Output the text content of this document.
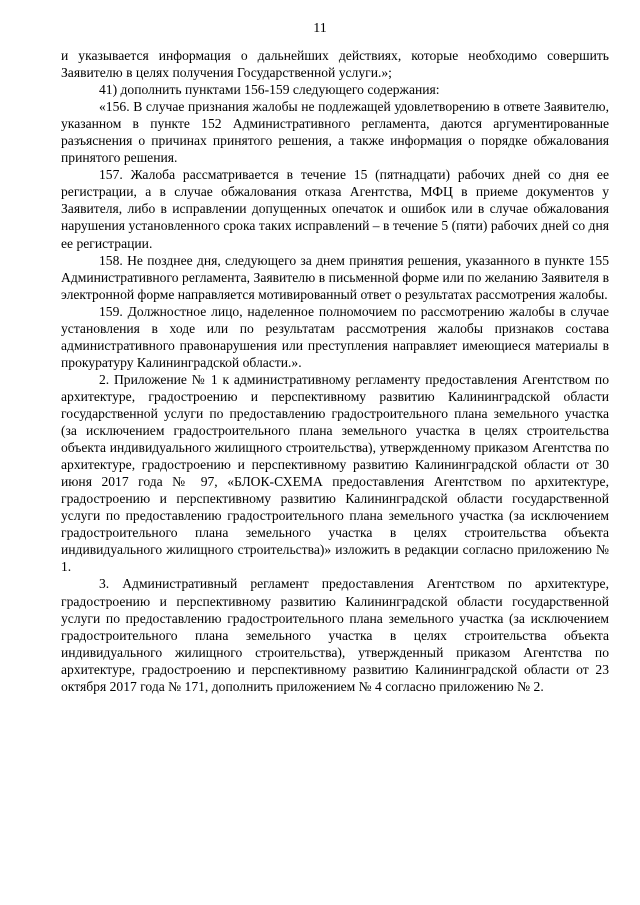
11

и указывается информация о дальнейших действиях, которые необходимо совершить Заявителю в целях получения Государственной услуги.»;

41) дополнить пунктами 156-159 следующего содержания:

«156. В случае признания жалобы не подлежащей удовлетворению в ответе Заявителю, указанном в пункте 152 Административного регламента, даются аргументированные разъяснения о причинах принятого решения, а также информация о порядке обжалования принятого решения.

157. Жалоба рассматривается в течение 15 (пятнадцати) рабочих дней со дня ее регистрации, а в случае обжалования отказа Агентства, МФЦ в приеме документов у Заявителя, либо в исправлении допущенных опечаток и ошибок или в случае обжалования нарушения установленного срока таких исправлений – в течение 5 (пяти) рабочих дней со дня ее регистрации.

158. Не позднее дня, следующего за днем принятия решения, указанного в пункте 155 Административного регламента, Заявителю в письменной форме или по желанию Заявителя в электронной форме направляется мотивированный ответ о результатах рассмотрения жалобы.

159. Должностное лицо, наделенное полномочием по рассмотрению жалобы в случае установления в ходе или по результатам рассмотрения жалобы признаков состава административного правонарушения или преступления направляет имеющиеся материалы в прокуратуру Калининградской области.».

2. Приложение № 1 к административному регламенту предоставления Агентством по архитектуре, градостроению и перспективному развитию Калининградской области государственной услуги по предоставлению градостроительного плана земельного участка (за исключением градостроительного плана земельного участка в целях строительства объекта индивидуального жилищного строительства), утвержденному приказом Агентства по архитектуре, градостроению и перспективному развитию Калининградской области от 30 июня 2017 года № 97, «БЛОК-СХЕМА предоставления Агентством по архитектуре, градостроению и перспективному развитию Калининградской области государственной услуги по предоставлению градостроительного плана земельного участка (за исключением градостроительного плана земельного участка в целях строительства объекта индивидуального жилищного строительства)» изложить в редакции согласно приложению № 1.

3. Административный регламент предоставления Агентством по архитектуре, градостроению и перспективному развитию Калининградской области государственной услуги по предоставлению градостроительного плана земельного участка (за исключением градостроительного плана земельного участка в целях строительства объекта индивидуального жилищного строительства), утвержденный приказом Агентства по архитектуре, градостроению и перспективному развитию Калининградской области от 23 октября 2017 года № 171, дополнить приложением № 4 согласно приложению № 2.
